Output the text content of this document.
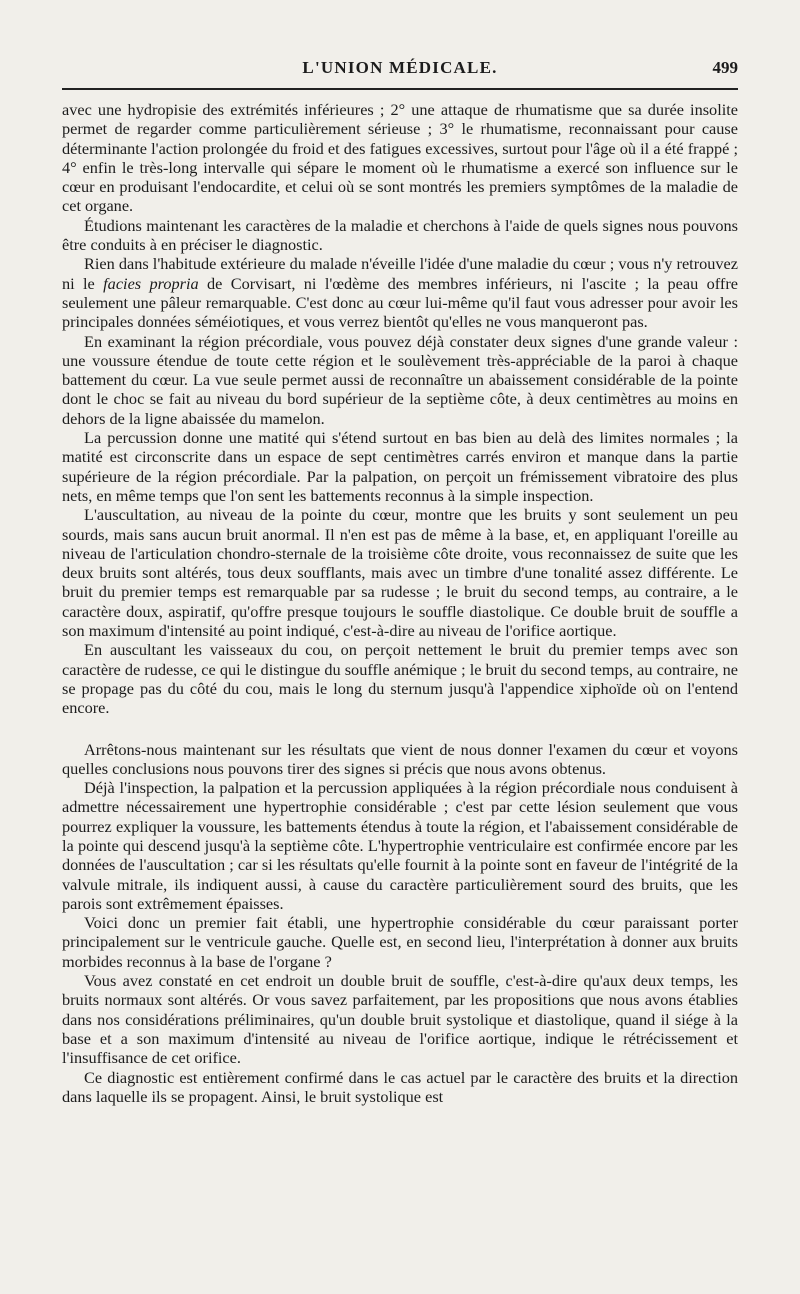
L'UNION MÉDICALE.	499

avec une hydropisie des extrémités inférieures ; 2° une attaque de rhumatisme que sa durée insolite permet de regarder comme particulièrement sérieuse ; 3° le rhumatisme, reconnaissant pour cause déterminante l'action prolongée du froid et des fatigues excessives, surtout pour l'âge où il a été frappé ; 4° enfin le très-long intervalle qui sépare le moment où le rhumatisme a exercé son influence sur le cœur en produisant l'endocardite, et celui où se sont montrés les premiers symptômes de la maladie de cet organe.

Étudions maintenant les caractères de la maladie et cherchons à l'aide de quels signes nous pouvons être conduits à en préciser le diagnostic.

Rien dans l'habitude extérieure du malade n'éveille l'idée d'une maladie du cœur ; vous n'y retrouvez ni le facies propria de Corvisart, ni l'œdème des membres inférieurs, ni l'ascite ; la peau offre seulement une pâleur remarquable. C'est donc au cœur lui-même qu'il faut vous adresser pour avoir les principales données séméiotiques, et vous verrez bientôt qu'elles ne vous manqueront pas.

En examinant la région précordiale, vous pouvez déjà constater deux signes d'une grande valeur : une voussure étendue de toute cette région et le soulèvement très-appréciable de la paroi à chaque battement du cœur. La vue seule permet aussi de reconnaître un abaissement considérable de la pointe dont le choc se fait au niveau du bord supérieur de la septième côte, à deux centimètres au moins en dehors de la ligne abaissée du mamelon.

La percussion donne une matité qui s'étend surtout en bas bien au delà des limites normales ; la matité est circonscrite dans un espace de sept centimètres carrés environ et manque dans la partie supérieure de la région précordiale. Par la palpation, on perçoit un frémissement vibratoire des plus nets, en même temps que l'on sent les battements reconnus à la simple inspection.

L'auscultation, au niveau de la pointe du cœur, montre que les bruits y sont seulement un peu sourds, mais sans aucun bruit anormal. Il n'en est pas de même à la base, et, en appliquant l'oreille au niveau de l'articulation chondro-sternale de la troisième côte droite, vous reconnaissez de suite que les deux bruits sont altérés, tous deux soufflants, mais avec un timbre d'une tonalité assez différente. Le bruit du premier temps est remarquable par sa rudesse ; le bruit du second temps, au contraire, a le caractère doux, aspiratif, qu'offre presque toujours le souffle diastolique. Ce double bruit de souffle a son maximum d'intensité au point indiqué, c'est-à-dire au niveau de l'orifice aortique.

En auscultant les vaisseaux du cou, on perçoit nettement le bruit du premier temps avec son caractère de rudesse, ce qui le distingue du souffle anémique ; le bruit du second temps, au contraire, ne se propage pas du côté du cou, mais le long du sternum jusqu'à l'appendice xiphoïde où on l'entend encore.

Arrêtons-nous maintenant sur les résultats que vient de nous donner l'examen du cœur et voyons quelles conclusions nous pouvons tirer des signes si précis que nous avons obtenus.

Déjà l'inspection, la palpation et la percussion appliquées à la région précordiale nous conduisent à admettre nécessairement une hypertrophie considérable ; c'est par cette lésion seulement que vous pourrez expliquer la voussure, les battements étendus à toute la région, et l'abaissement considérable de la pointe qui descend jusqu'à la septième côte. L'hypertrophie ventriculaire est confirmée encore par les données de l'auscultation ; car si les résultats qu'elle fournit à la pointe sont en faveur de l'intégrité de la valvule mitrale, ils indiquent aussi, à cause du caractère particulièrement sourd des bruits, que les parois sont extrêmement épaisses.

Voici donc un premier fait établi, une hypertrophie considérable du cœur paraissant porter principalement sur le ventricule gauche. Quelle est, en second lieu, l'interprétation à donner aux bruits morbides reconnus à la base de l'organe ?

Vous avez constaté en cet endroit un double bruit de souffle, c'est-à-dire qu'aux deux temps, les bruits normaux sont altérés. Or vous savez parfaitement, par les propositions que nous avons établies dans nos considérations préliminaires, qu'un double bruit systolique et diastolique, quand il siége à la base et a son maximum d'intensité au niveau de l'orifice aortique, indique le rétrécissement et l'insuffisance de cet orifice.

Ce diagnostic est entièrement confirmé dans le cas actuel par le caractère des bruits et la direction dans laquelle ils se propagent. Ainsi, le bruit systolique est
